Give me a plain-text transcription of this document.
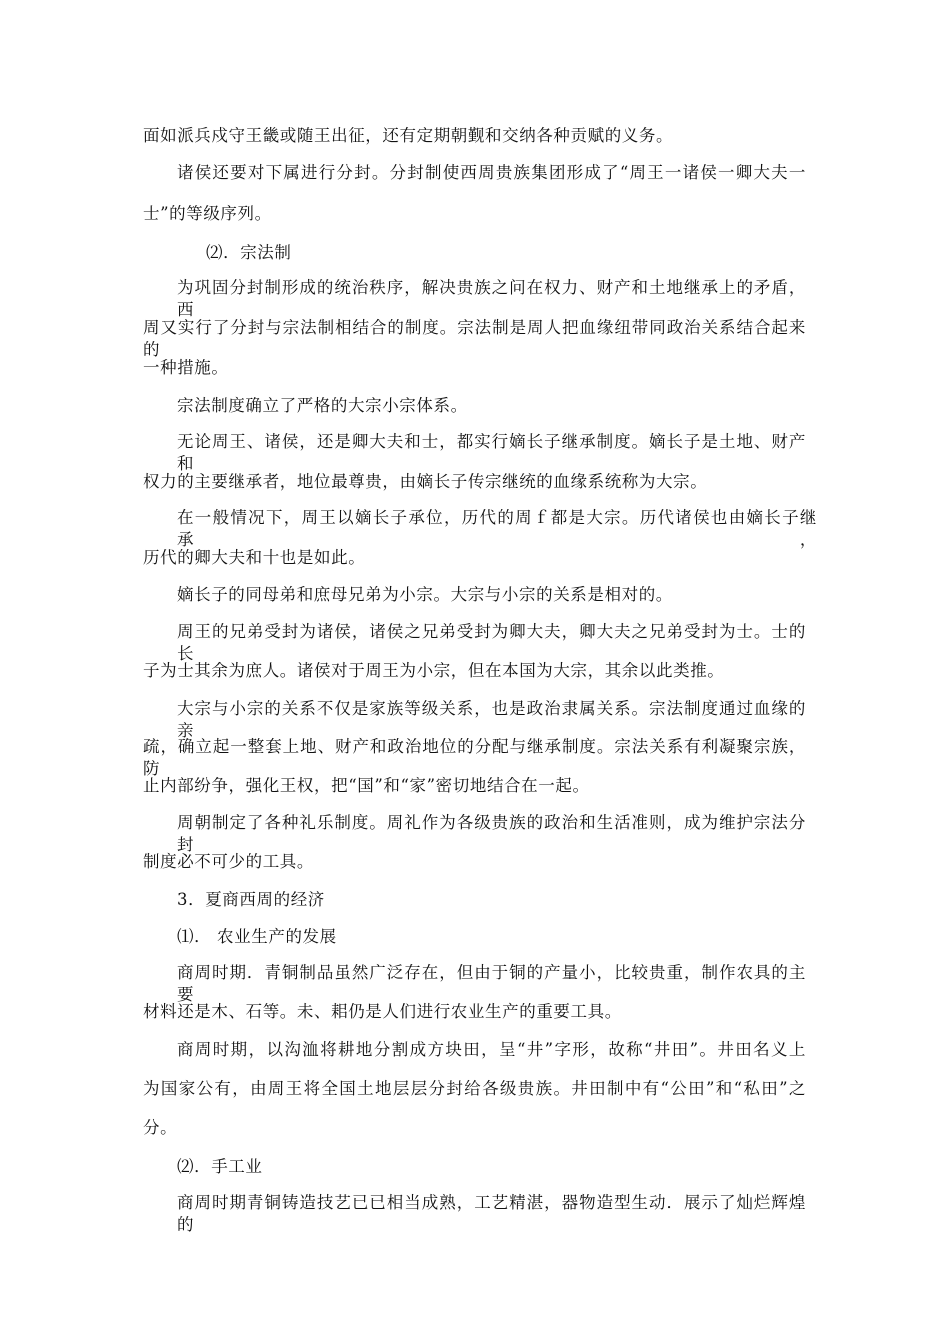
面如派兵戍守王畿或随王出征，还有定期朝觐和交纳各种贡赋的义务。
诸侯还要对下属进行分封。分封制使西周贵族集团形成了“周王一诸侯一卿大夫一
士”的等级序列。
⑵．宗法制
为巩固分封制形成的统治秩序，解决贵族之问在权力、财产和土地继承上的矛盾，西
周又实行了分封与宗法制相结合的制度。宗法制是周人把血缘纽带同政治关系结合起来的
一种措施。
宗法制度确立了严格的大宗小宗体系。
无论周王、诸侯，还是卿大夫和士，都实行嫡长子继承制度。嫡长子是土地、财产和
权力的主要继承者，地位最尊贵，由嫡长子传宗继统的血缘系统称为大宗。
在一般情况下，周王以嫡长子承位，历代的周ｆ都是大宗。历代诸侯也由嫡长子继承，
历代的卿大夫和十也是如此。
嫡长子的同母弟和庶母兄弟为小宗。大宗与小宗的关系是相对的。
周王的兄弟受封为诸侯，诸侯之兄弟受封为卿大夫，卿大夫之兄弟受封为士。士的长
子为士其余为庶人。诸侯对于周王为小宗，但在本国为大宗，其余以此类推。
大宗与小宗的关系不仅是家族等级关系，也是政治隶属关系。宗法制度通过血缘的亲
疏，确立起一整套上地、财产和政治地位的分配与继承制度。宗法关系有利凝聚宗族，防
止内部纷争，强化王权，把“国”和“家”密切地结合在一起。
周朝制定了各种礼乐制度。周礼作为各级贵族的政治和生活准则，成为维护宗法分封
制度必不可少的工具。
3．夏商西周的经济
⑴． 农业生产的发展
商周时期．青铜制品虽然广泛存在，但由于铜的产量小，比较贵重，制作农具的主要
材料还是木、石等。未、耜仍是人们进行农业生产的重要工具。
商周时期，以沟洫将耕地分割成方块田，呈“井”字形，故称“井田”。井田名义上
为国家公有，由周王将全国土地层层分封给各级贵族。井田制中有“公田”和“私田”之
分。
⑵．手工业
商周时期青铜铸造技艺已已相当成熟，工艺精湛，器物造型生动．展示了灿烂辉煌的
